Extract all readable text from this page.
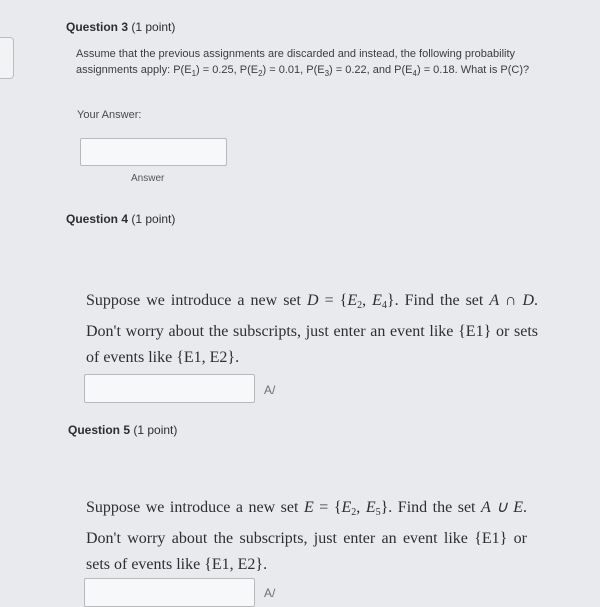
Question 3 (1 point)
Assume that the previous assignments are discarded and instead, the following probability assignments apply: $P(E_1) = 0.25$, $P(E_2) = 0.01$, $P(E_3) = 0.22$, and $P(E_4) = 0.18$. What is P(C)?
Your Answer:
Answer
Question 4 (1 point)
Suppose we introduce a new set $D = \{E_2$, $E_4$}. Find the set A ∩ D. Don't worry about the subscripts, just enter an event like {E1} or sets of events like {E1, E2}.
A/
Question 5 (1 point)
Suppose we introduce a new set $E = \{E_2$, $E_5$}. Find the set A ∪ E. Don't worry about the subscripts, just enter an event like {E1} or sets of events like {E1, E2}.
A/
